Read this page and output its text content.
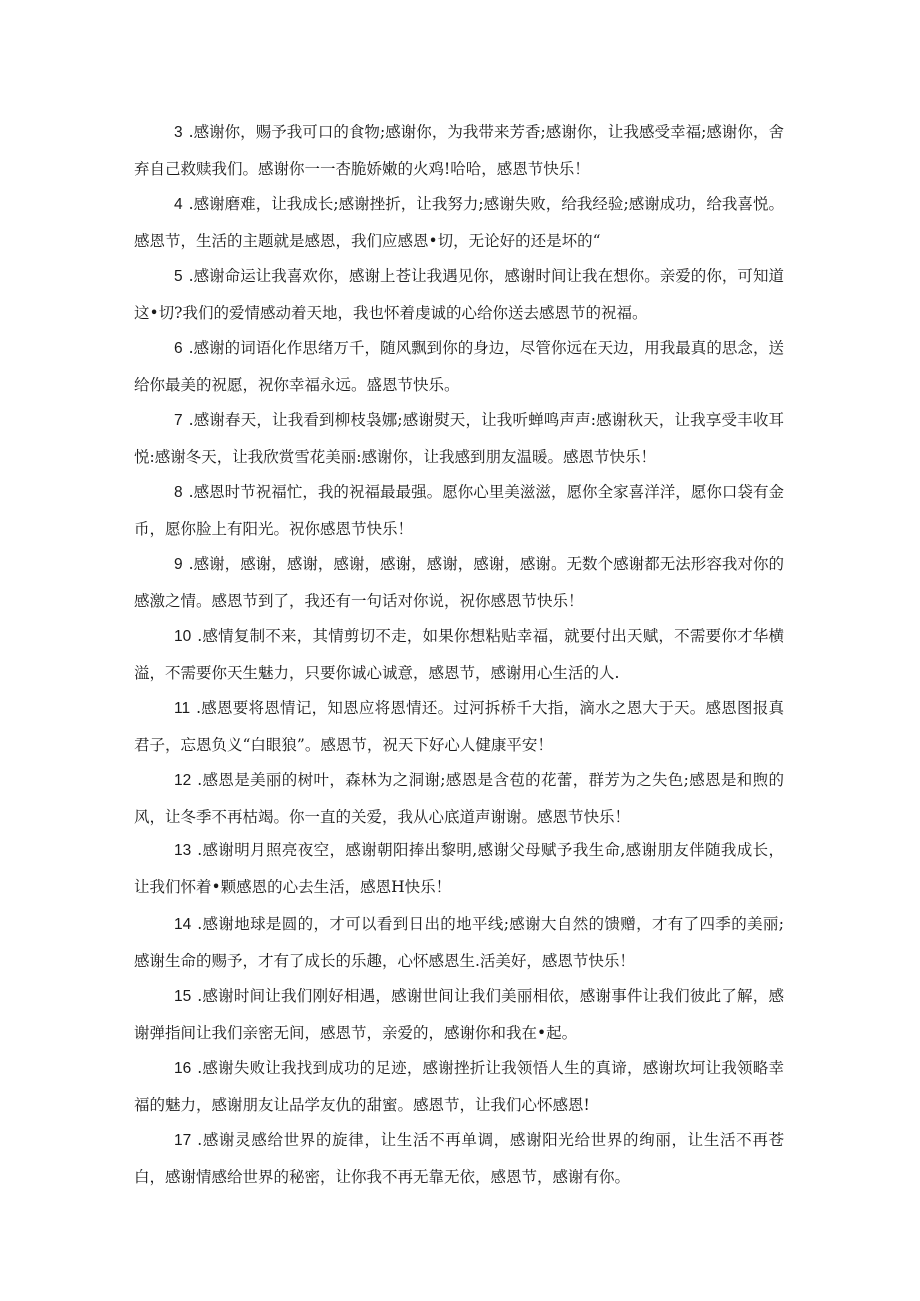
3 .感谢你，赐予我可口的食物;感谢你，为我带来芳香;感谢你，让我感受幸福;感谢你，舍弃自己救赎我们。感谢你一一杏脆娇嫩的火鸡!哈哈，感恩节快乐！

4 .感谢磨难，让我成长;感谢挫折，让我努力;感谢失败，给我经验;感谢成功，给我喜悦。感恩节，生活的主题就是感恩，我们应感恩•切，无论好的还是坏的“

5 .感谢命运让我喜欢你，感谢上苍让我遇见你，感谢时间让我在想你。亲爱的你，可知道这•切?我们的爱情感动着天地，我也怀着虔诚的心给你送去感恩节的祝福。

6 .感谢的词语化作思绪万千，随风飘到你的身边，尽管你远在天边，用我最真的思念，送给你最美的祝愿，祝你幸福永远。盛恩节快乐。

7 .感谢春天，让我看到柳枝袅娜;感谢熨天，让我听蝉鸣声声:感谢秋天，让我享受丰收耳悦:感谢冬天，让我欣赏雪花美丽:感谢你，让我感到朋友温暖。感恩节快乐！

8 .感恩时节祝福忙，我的祝福最最强。愿你心里美滋滋，愿你全家喜洋洋，愿你口袋有金币，愿你脸上有阳光。祝你感恩节快乐！

9 .感谢，感谢，感谢，感谢，感谢，感谢，感谢，感谢。无数个感谢都无法形容我对你的感激之情。感恩节到了，我还有一句话对你说，祝你感恩节快乐！

10 .感情复制不来，其情剪切不走，如果你想粘贴幸福，就要付出天赋，不需要你才华横溢，不需要你天生魅力，只要你诚心诚意，感恩节，感谢用心生活的人.

11 .感恩要将恩情记，知恩应将恩情还。过河拆桥千大指，滴水之恩大于天。感恩图报真君子，忘恩负义“白眼狼”。感恩节，祝天下好心人健康平安！

12 .感恩是美丽的树叶，森林为之洞谢;感恩是含苞的花蕾，群芳为之失色;感恩是和煦的风，让冬季不再枯竭。你一直的关爱，我从心底道声谢谢。感恩节快乐！

13 .感谢明月照亮夜空，感谢朝阳捧出黎明,感谢父母赋予我生命,感谢朋友伴随我成长，让我们怀着•颗感恩的心去生活，感恩H快乐！

14 .感谢地球是圆的，才可以看到日出的地平线;感谢大自然的馈赠，才有了四季的美丽;感谢生命的赐予，才有了成长的乐趣，心怀感恩生.活美好，感恩节快乐！

15 .感谢时间让我们刚好相遇，感谢世间让我们美丽相依，感谢事件让我们彼此了解，感谢弹指间让我们亲密无间，感恩节，亲爱的，感谢你和我在•起。

16 .感谢失败让我找到成功的足迹，感谢挫折让我领悟人生的真谛，感谢坎坷让我领略幸福的魅力，感谢朋友让品学友仇的甜蜜。感恩节，让我们心怀感恩!

17 .感谢灵感给世界的旋律，让生活不再单调，感谢阳光给世界的绚丽，让生活不再苍白，感谢情感给世界的秘密，让你我不再无靠无依，感恩节，感谢有你。
